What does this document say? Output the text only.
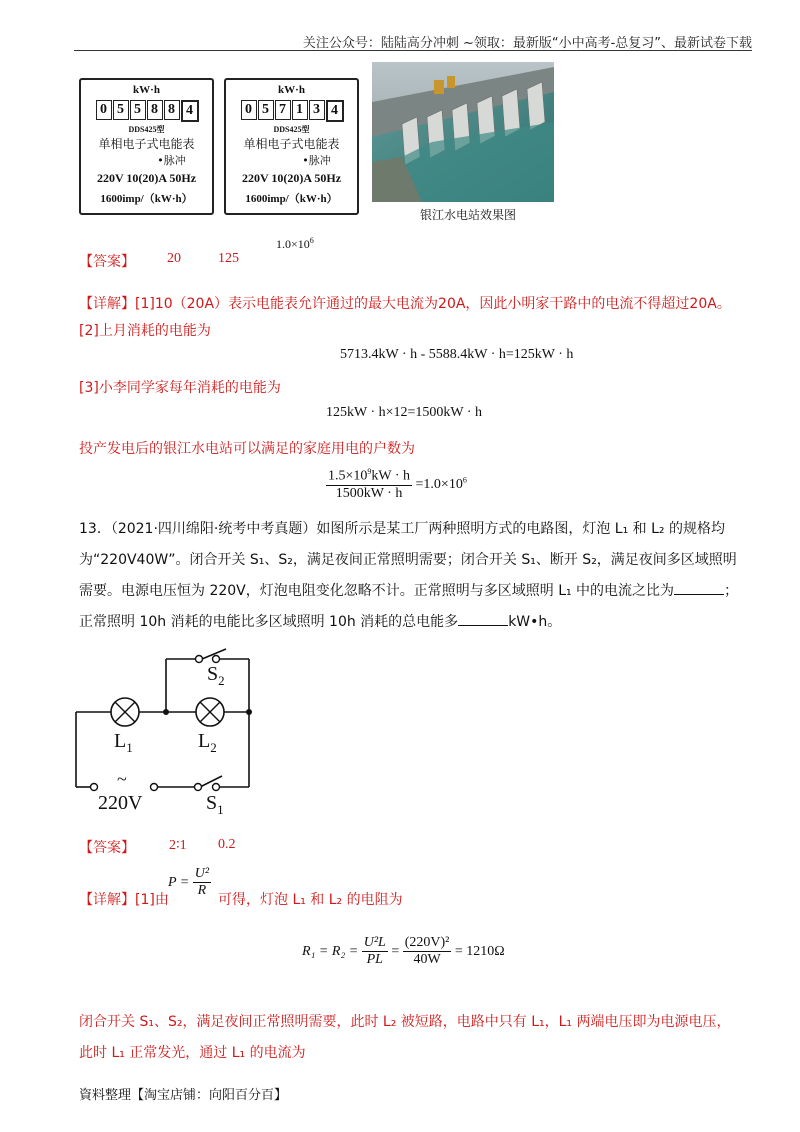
关注公众号：陆陆高分冲刺 ~领取：最新版“小中高考-总复习”、最新试卷下载
kW·h
0 5 5 8 8 4
DDS425型
单相电子式电能表
•脉冲
220V 10(20)A 50Hz
1600imp/（kW·h）
kW·h
0 5 7 1 3 4
DDS425型
单相电子式电能表
•脉冲
220V 10(20)A 50Hz
1600imp/（kW·h）
银江水电站效果图
【答案】 20	125
$1.0\times 10^6$
【详解】[1]10（20A）表示电能表允许通过的最大电流为20A，因此小明家干路中的电流不得超过20A。
[2]上月消耗的电能为
5713.4kW · h - 5588.4kW · h=125kW · h
[3]小李同学家每年消耗的电能为
125kW · h×12=1500kW · h
投产发电后的银江水电站可以满足的家庭用电的户数为
$\frac{1.5\times 10^9kW \cdot h}{1500kW \cdot h} =1.0\times 10^6$
13．（2021·四川绵阳·统考中考真题）如图所示是某工厂两种照明方式的电路图，灯泡 L₁ 和 L₂ 的规格均
为“220V40W”。闭合开关 S₁、S₂，满足夜间正常照明需要；闭合开关 S₁、断开 S₂，满足夜间多区域照明
需要。电源电压恒为 220V，灯泡电阻变化忽略不计。正常照明与多区域照明 L₁ 中的电流之比为	；
正常照明 10h 消耗的电能比多区域照明 10h 消耗的总电能多	kW•h。
$S_2$
$L_1$	$L_2$
~
220V	$S_1$
【答案】 2∶1 0.2
【详解】[1]由
$P = \frac{\text{U²}}{R}$
可得，灯泡 L₁ 和 L₂ 的电阻为
$R_1 = R_2 = \frac{\text{U²L}}{PL} = \frac{\text{(220V)²}}{40W} = 1210\Omega$
闭合开关 S₁、S₂，满足夜间正常照明需要，此时 L₂ 被短路，电路中只有 L₁，L₁ 两端电压即为电源电压，
此时 L₁ 正常发光，通过 L₁ 的电流为
資料整理【淘宝店铺：向阳百分百】
